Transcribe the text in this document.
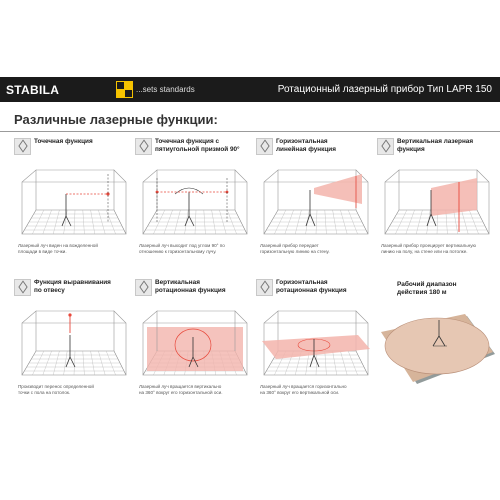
STABILA	...sets standards	Ротационный лазерный прибор Тип LAPR 150
Различные лазерные функции:
Точечная функция
Лазерный луч виден на вожделенной
площади в виде точки.
Точечная функция с
пятиугольной призмой 90°
Лазерный луч выходит под углом 90° по
отношению к горизонтальному лучу.
Горизонтальная
линейная функция
Лазерный прибор передает
горизонтальную линию на стену.
Вертикальная лазерная
функция
Лазерный прибор проецирует вертикальную
линию на полу, на стене или на потолке.
Функция выравнивания
по отвесу
Производит перенос определенной
точки с пола на потолок.
Вертикальная
ротационная функция
Лазерный луч вращается вертикально
на 360° вокруг его горизонтальной оси.
Горизонтальная
ротационная функция
Лазерный луч вращается горизонтально
на 360° вокруг его вертикальной оси.
Рабочий диапазон
действия 180 м
